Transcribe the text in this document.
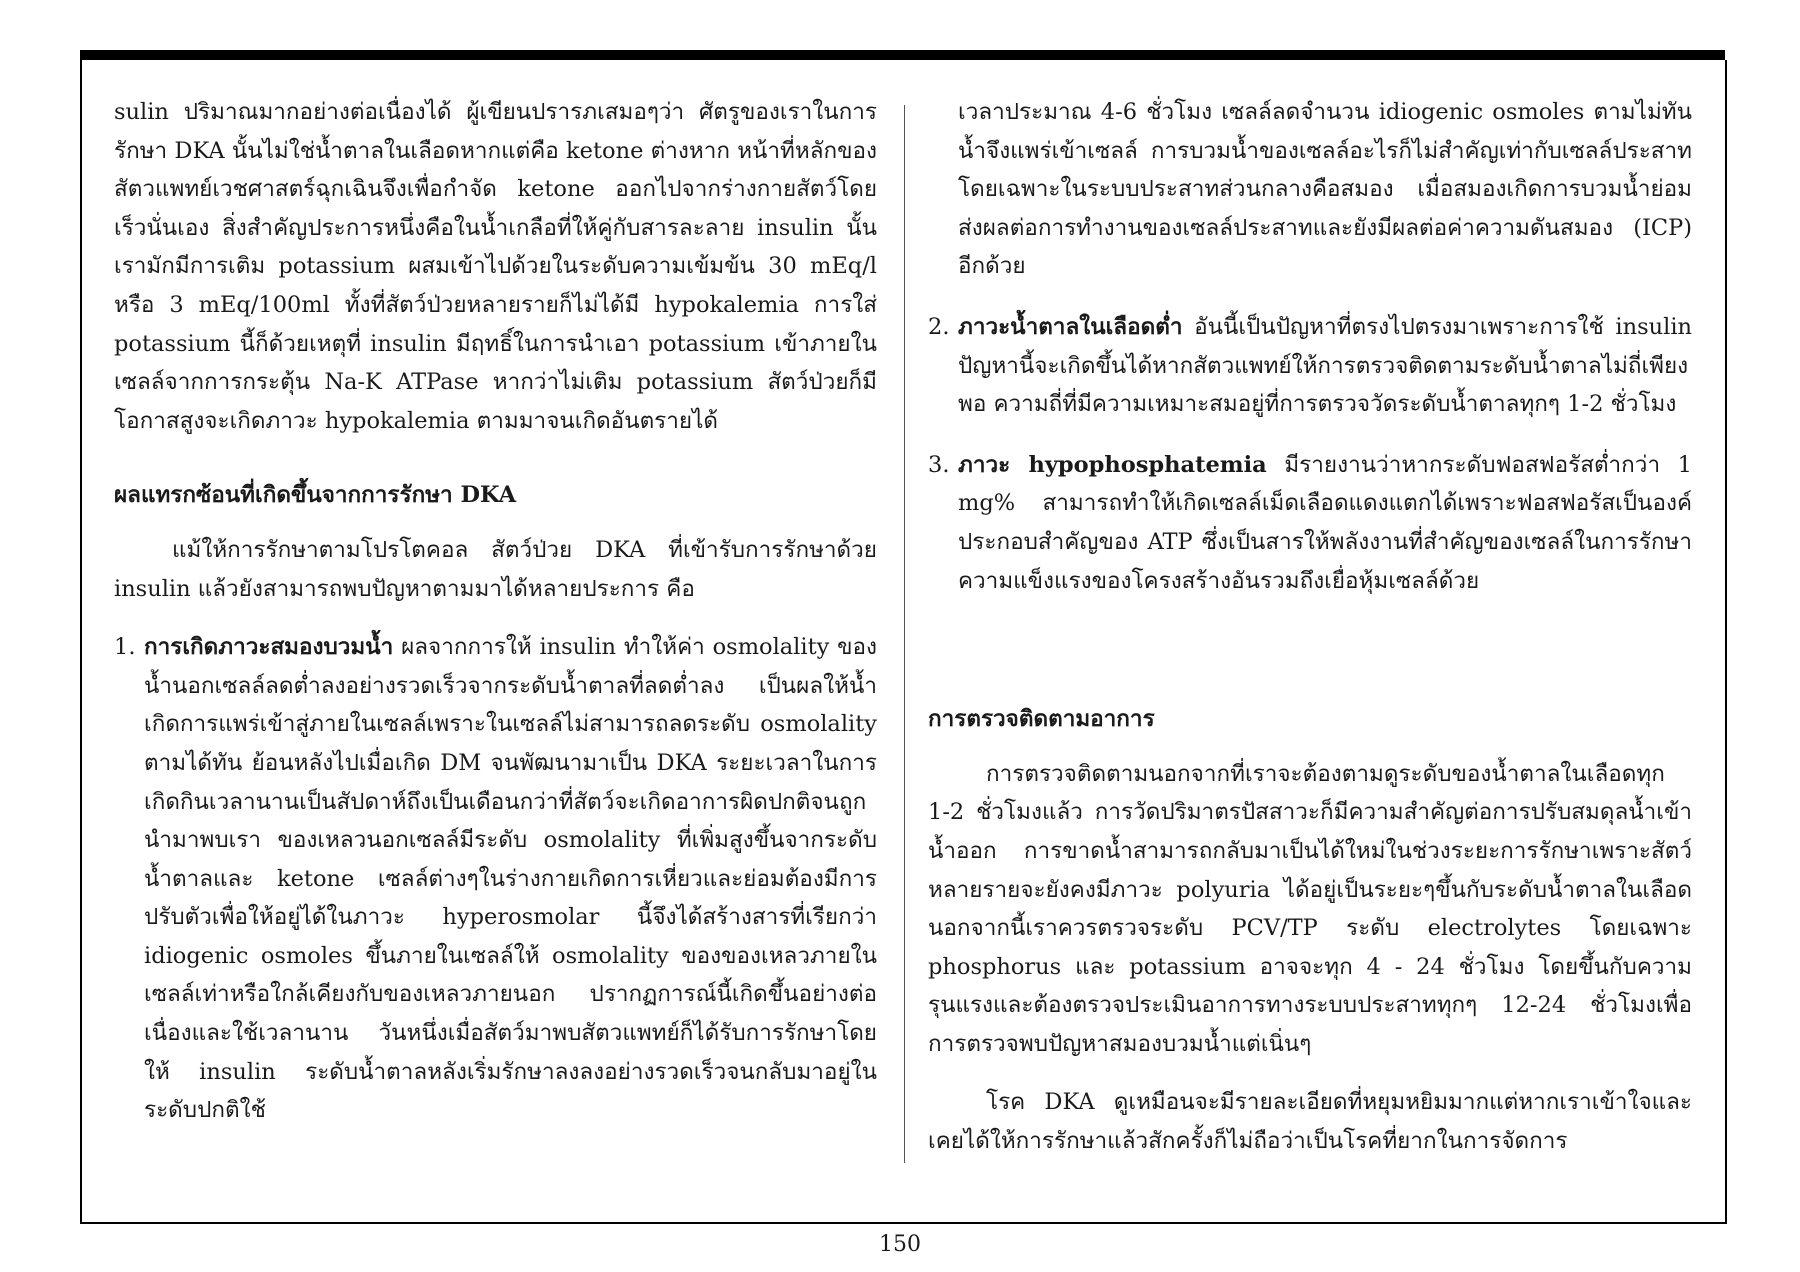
sulin ปริมาณมากอย่างต่อเนื่องได้ ผู้เขียนปรารภเสมอๆว่า ศัตรูของเราในการรักษา DKA นั้นไม่ใช่น้ำตาลในเลือดหากแต่คือ ketone ต่างหาก หน้าที่หลักของสัตวแพทย์เวชศาสตร์ฉุกเฉินจึงเพื่อกำจัด ketone ออกไปจากร่างกายสัตว์โดยเร็วนั่นเอง สิ่งสำคัญประการหนึ่งคือในน้ำเกลือที่ให้คู่กับสารละลาย insulin นั้นเรามักมีการเติม potassium ผสมเข้าไปด้วยในระดับความเข้มข้น 30 mEq/l หรือ 3 mEq/100ml ทั้งที่สัตว์ป่วยหลายรายก็ไม่ได้มี hypokalemia การใส่ potassium นี้ก็ด้วยเหตุที่ insulin มีฤทธิ์ในการนำเอา potassium เข้าภายในเซลล์จากการกระตุ้น Na-K ATPase หากว่าไม่เติม potassium สัตว์ป่วยก็มีโอกาสสูงจะเกิดภาวะ hypokalemia ตามมาจนเกิดอันตรายได้

ผลแทรกซ้อนที่เกิดขึ้นจากการรักษา DKA

แม้ให้การรักษาตามโปรโตคอล สัตว์ป่วย DKA ที่เข้ารับการรักษาด้วย insulin แล้วยังสามารถพบปัญหาตามมาได้หลายประการ คือ

1. การเกิดภาวะสมองบวมน้ำ ผลจากการให้ insulin ทำให้ค่า osmolality ของน้ำนอกเซลล์ลดต่ำลงอย่างรวดเร็วจากระดับน้ำตาลที่ลดต่ำลง เป็นผลให้น้ำเกิดการแพร่เข้าสู่ภายในเซลล์เพราะในเซลล์ไม่สามารถลดระดับ osmolality ตามได้ทัน ย้อนหลังไปเมื่อเกิด DM จนพัฒนามาเป็น DKA ระยะเวลาในการเกิดกินเวลานานเป็นสัปดาห์ถึงเป็นเดือนกว่าที่สัตว์จะเกิดอาการผิดปกติจนถูกนำมาพบเรา ของเหลวนอกเซลล์มีระดับ osmolality ที่เพิ่มสูงขึ้นจากระดับน้ำตาลและ ketone เซลล์ต่างๆในร่างกายเกิดการเหี่ยวและย่อมต้องมีการปรับตัวเพื่อให้อยู่ได้ในภาวะ hyperosmolar นี้จึงได้สร้างสารที่เรียกว่า idiogenic osmoles ขึ้นภายในเซลล์ให้ osmolality ของของเหลวภายในเซลล์เท่าหรือใกล้เคียงกับของเหลวภายนอก ปรากฏการณ์นี้เกิดขึ้นอย่างต่อเนื่องและใช้เวลานาน วันหนึ่งเมื่อสัตว์มาพบสัตวแพทย์ก็ได้รับการรักษาโดยให้ insulin ระดับน้ำตาลหลังเริ่มรักษาลงลงอย่างรวดเร็วจนกลับมาอยู่ในระดับปกติใช้

เวลาประมาณ 4-6 ชั่วโมง เซลล์ลดจำนวน idiogenic osmoles ตามไม่ทันน้ำจึงแพร่เข้าเซลล์ การบวมน้ำของเซลล์อะไรก็ไม่สำคัญเท่ากับเซลล์ประสาทโดยเฉพาะในระบบประสาทส่วนกลางคือสมอง เมื่อสมองเกิดการบวมน้ำย่อมส่งผลต่อการทำงานของเซลล์ประสาทและยังมีผลต่อค่าความดันสมอง (ICP) อีกด้วย

2. ภาวะน้ำตาลในเลือดต่ำ อันนี้เป็นปัญหาที่ตรงไปตรงมาเพราะการใช้ insulin ปัญหานี้จะเกิดขึ้นได้หากสัตวแพทย์ให้การตรวจติดตามระดับน้ำตาลไม่ถี่เพียงพอ ความถี่ที่มีความเหมาะสมอยู่ที่การตรวจวัดระดับน้ำตาลทุกๆ 1-2 ชั่วโมง
3. ภาวะ hypophosphatemia มีรายงานว่าหากระดับฟอสฟอรัสต่ำกว่า 1 mg% สามารถทำให้เกิดเซลล์เม็ดเลือดแดงแตกได้เพราะฟอสฟอรัสเป็นองค์ประกอบสำคัญของ ATP ซึ่งเป็นสารให้พลังงานที่สำคัญของเซลล์ในการรักษาความแข็งแรงของโครงสร้างอันรวมถึงเยื่อหุ้มเซลล์ด้วย

การตรวจติดตามอาการ

การตรวจติดตามนอกจากที่เราจะต้องตามดูระดับของน้ำตาลในเลือดทุก 1-2 ชั่วโมงแล้ว การวัดปริมาตรปัสสาวะก็มีความสำคัญต่อการปรับสมดุลน้ำเข้าน้ำออก การขาดน้ำสามารถกลับมาเป็นได้ใหม่ในช่วงระยะการรักษาเพราะสัตว์หลายรายจะยังคงมีภาวะ polyuria ได้อยู่เป็นระยะๆขึ้นกับระดับน้ำตาลในเลือด นอกจากนี้เราควรตรวจระดับ PCV/TP ระดับ electrolytes โดยเฉพาะ phosphorus และ potassium อาจจะทุก 4 - 24 ชั่วโมง โดยขึ้นกับความรุนแรงและต้องตรวจประเมินอาการทางระบบประสาททุกๆ 12-24 ชั่วโมงเพื่อการตรวจพบปัญหาสมองบวมน้ำแต่เนิ่นๆ

โรค DKA ดูเหมือนจะมีรายละเอียดที่หยุมหยิมมากแต่หากเราเข้าใจและเคยได้ให้การรักษาแล้วสักครั้งก็ไม่ถือว่าเป็นโรคที่ยากในการจัดการ

150
